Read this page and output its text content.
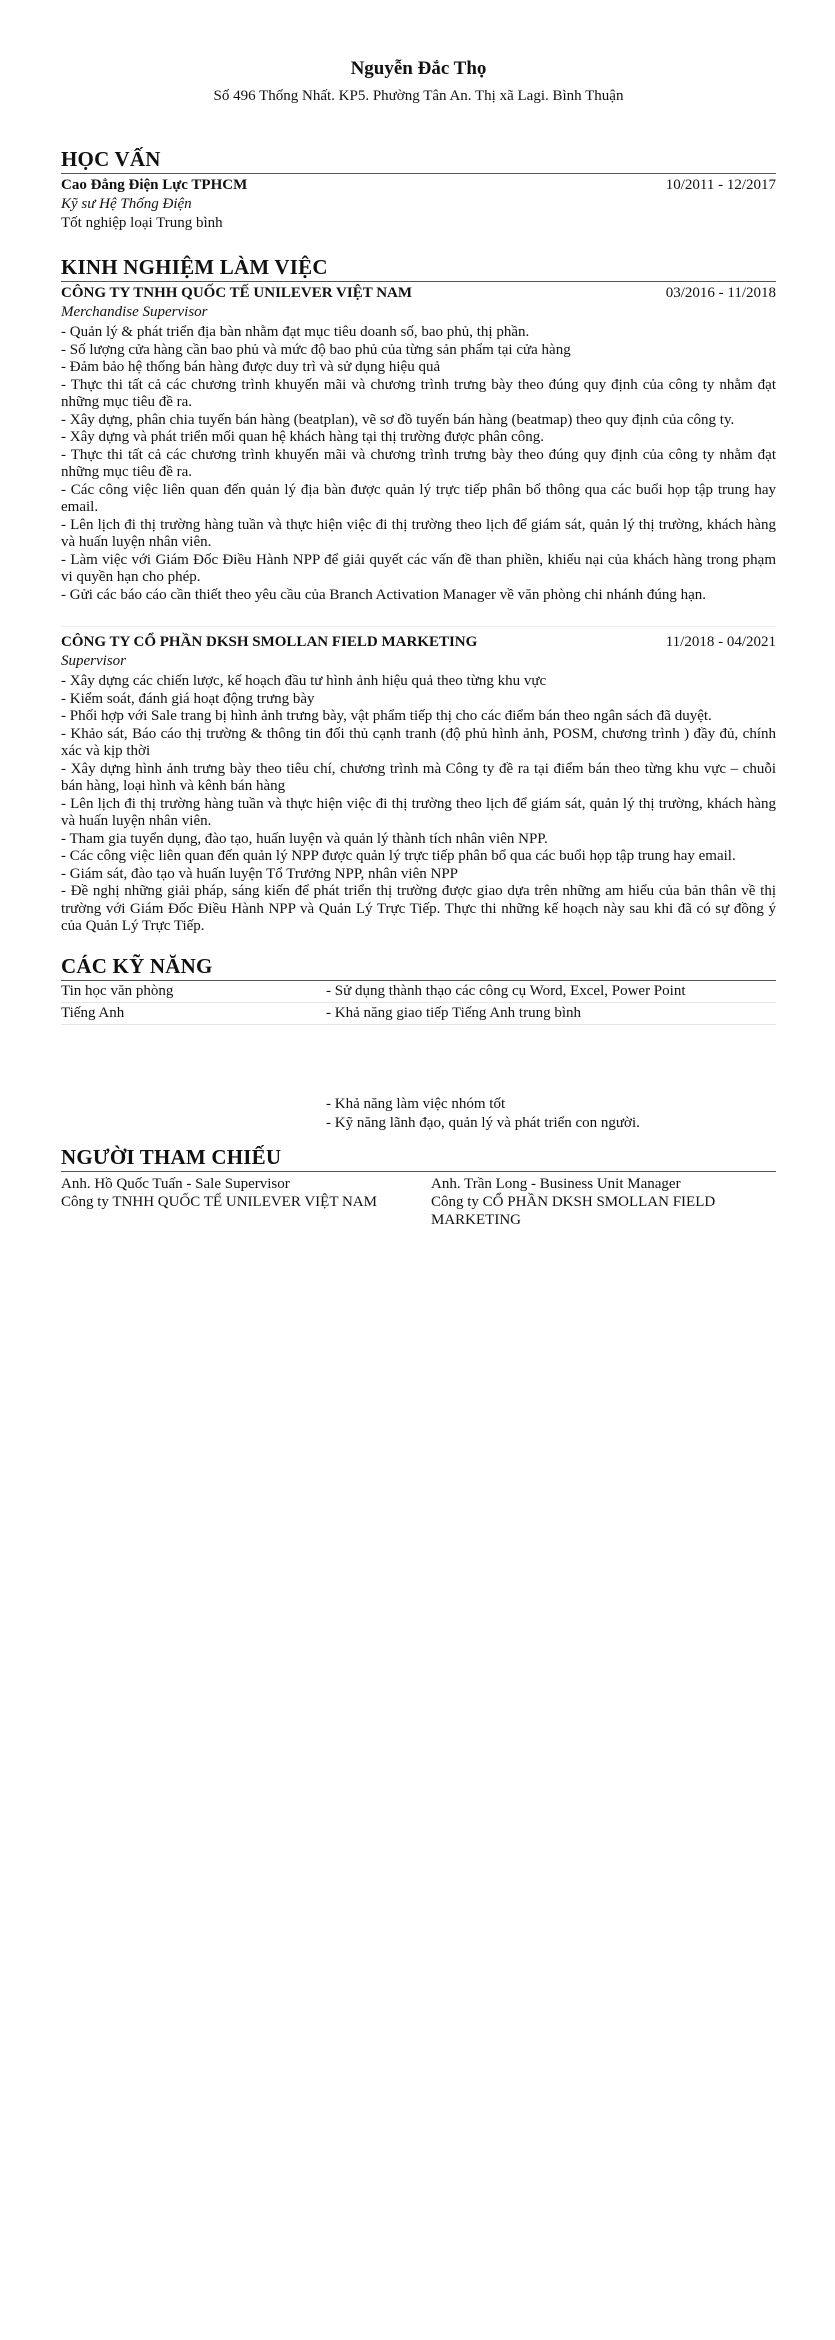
Nguyễn Đắc Thọ
Số 496 Thống Nhất. KP5. Phường Tân An. Thị xã Lagi. Bình Thuận
HỌC VẤN
Cao Đẳng Điện Lực TPHCM	10/2011 - 12/2017
Kỹ sư Hệ Thống Điện
Tốt nghiệp loại Trung bình
KINH NGHIỆM LÀM VIỆC
CÔNG TY TNHH QUỐC TẾ UNILEVER VIỆT NAM	03/2016 - 11/2018
Merchandise Supervisor
- Quản lý & phát triển địa bàn nhằm đạt mục tiêu doanh số, bao phủ, thị phần.
- Số lượng cửa hàng cần bao phủ và mức độ bao phủ của từng sản phẩm tại cửa hàng
- Đảm bảo hệ thống bán hàng được duy trì và sử dụng hiệu quả
- Thực thi tất cả các chương trình khuyến mãi và chương trình trưng bày theo đúng quy định của công ty nhằm đạt những mục tiêu đề ra.
- Xây dựng, phân chia tuyến bán hàng (beatplan), vẽ sơ đồ tuyến bán hàng (beatmap) theo quy định của công ty.
- Xây dựng và phát triển mối quan hệ khách hàng tại thị trường được phân công.
- Thực thi tất cả các chương trình khuyến mãi và chương trình trưng bày theo đúng quy định của công ty nhằm đạt những mục tiêu đề ra.
- Các công việc liên quan đến quản lý địa bàn được quản lý trực tiếp phân bổ thông qua các buổi họp tập trung hay email.
- Lên lịch đi thị trường hàng tuần và thực hiện việc đi thị trường theo lịch để giám sát, quản lý thị trường, khách hàng và huấn luyện nhân viên.
- Làm việc với Giám Đốc Điều Hành NPP để giải quyết các vấn đề than phiền, khiếu nại của khách hàng trong phạm vi quyền hạn cho phép.
- Gửi các báo cáo cần thiết theo yêu cầu của Branch Activation Manager về văn phòng chi nhánh đúng hạn.
CÔNG TY CỔ PHẦN DKSH SMOLLAN FIELD MARKETING	11/2018 - 04/2021
Supervisor
- Xây dựng các chiến lược, kế hoạch đầu tư hình ảnh hiệu quả theo từng khu vực
- Kiểm soát, đánh giá hoạt động trưng bày
- Phối hợp với Sale trang bị hình ảnh trưng bày, vật phẩm tiếp thị cho các điểm bán theo ngân sách đã duyệt.
- Khảo sát, Báo cáo thị trường & thông tin đối thủ cạnh tranh (độ phủ hình ảnh, POSM, chương trình ) đầy đủ, chính xác và kịp thời
- Xây dựng hình ảnh trưng bày theo tiêu chí, chương trình mà Công ty đề ra tại điểm bán theo từng khu vực – chuỗi bán hàng, loại hình và kênh bán hàng
- Lên lịch đi thị trường hàng tuần và thực hiện việc đi thị trường theo lịch để giám sát, quản lý thị trường, khách hàng và huấn luyện nhân viên.
- Tham gia tuyển dụng, đào tạo, huấn luyện và quản lý thành tích nhân viên NPP.
- Các công việc liên quan đến quản lý NPP được quản lý trực tiếp phân bổ qua các buổi họp tập trung hay email.
- Giám sát, đào tạo và huấn luyện Tổ Trưởng NPP, nhân viên NPP
- Đề nghị những giải pháp, sáng kiến để phát triển thị trường được giao dựa trên những am hiểu của bản thân về thị trường với Giám Đốc Điều Hành NPP và Quản Lý Trực Tiếp. Thực thi những kế hoạch này sau khi đã có sự đồng ý của Quản Lý Trực Tiếp.
CÁC KỸ NĂNG
Tin học văn phòng	- Sử dụng thành thạo các công cụ Word, Excel, Power Point
Tiếng Anh	- Khả năng giao tiếp Tiếng Anh trung bình
- Khả năng làm việc nhóm tốt
- Kỹ năng lãnh đạo, quản lý và phát triển con người.
NGƯỜI THAM CHIẾU
Anh. Hồ Quốc Tuấn - Sale Supervisor
Công ty TNHH QUỐC TẾ UNILEVER VIỆT NAM
Anh. Trần Long - Business Unit Manager
Công ty CỔ PHẦN DKSH SMOLLAN FIELD MARKETING
